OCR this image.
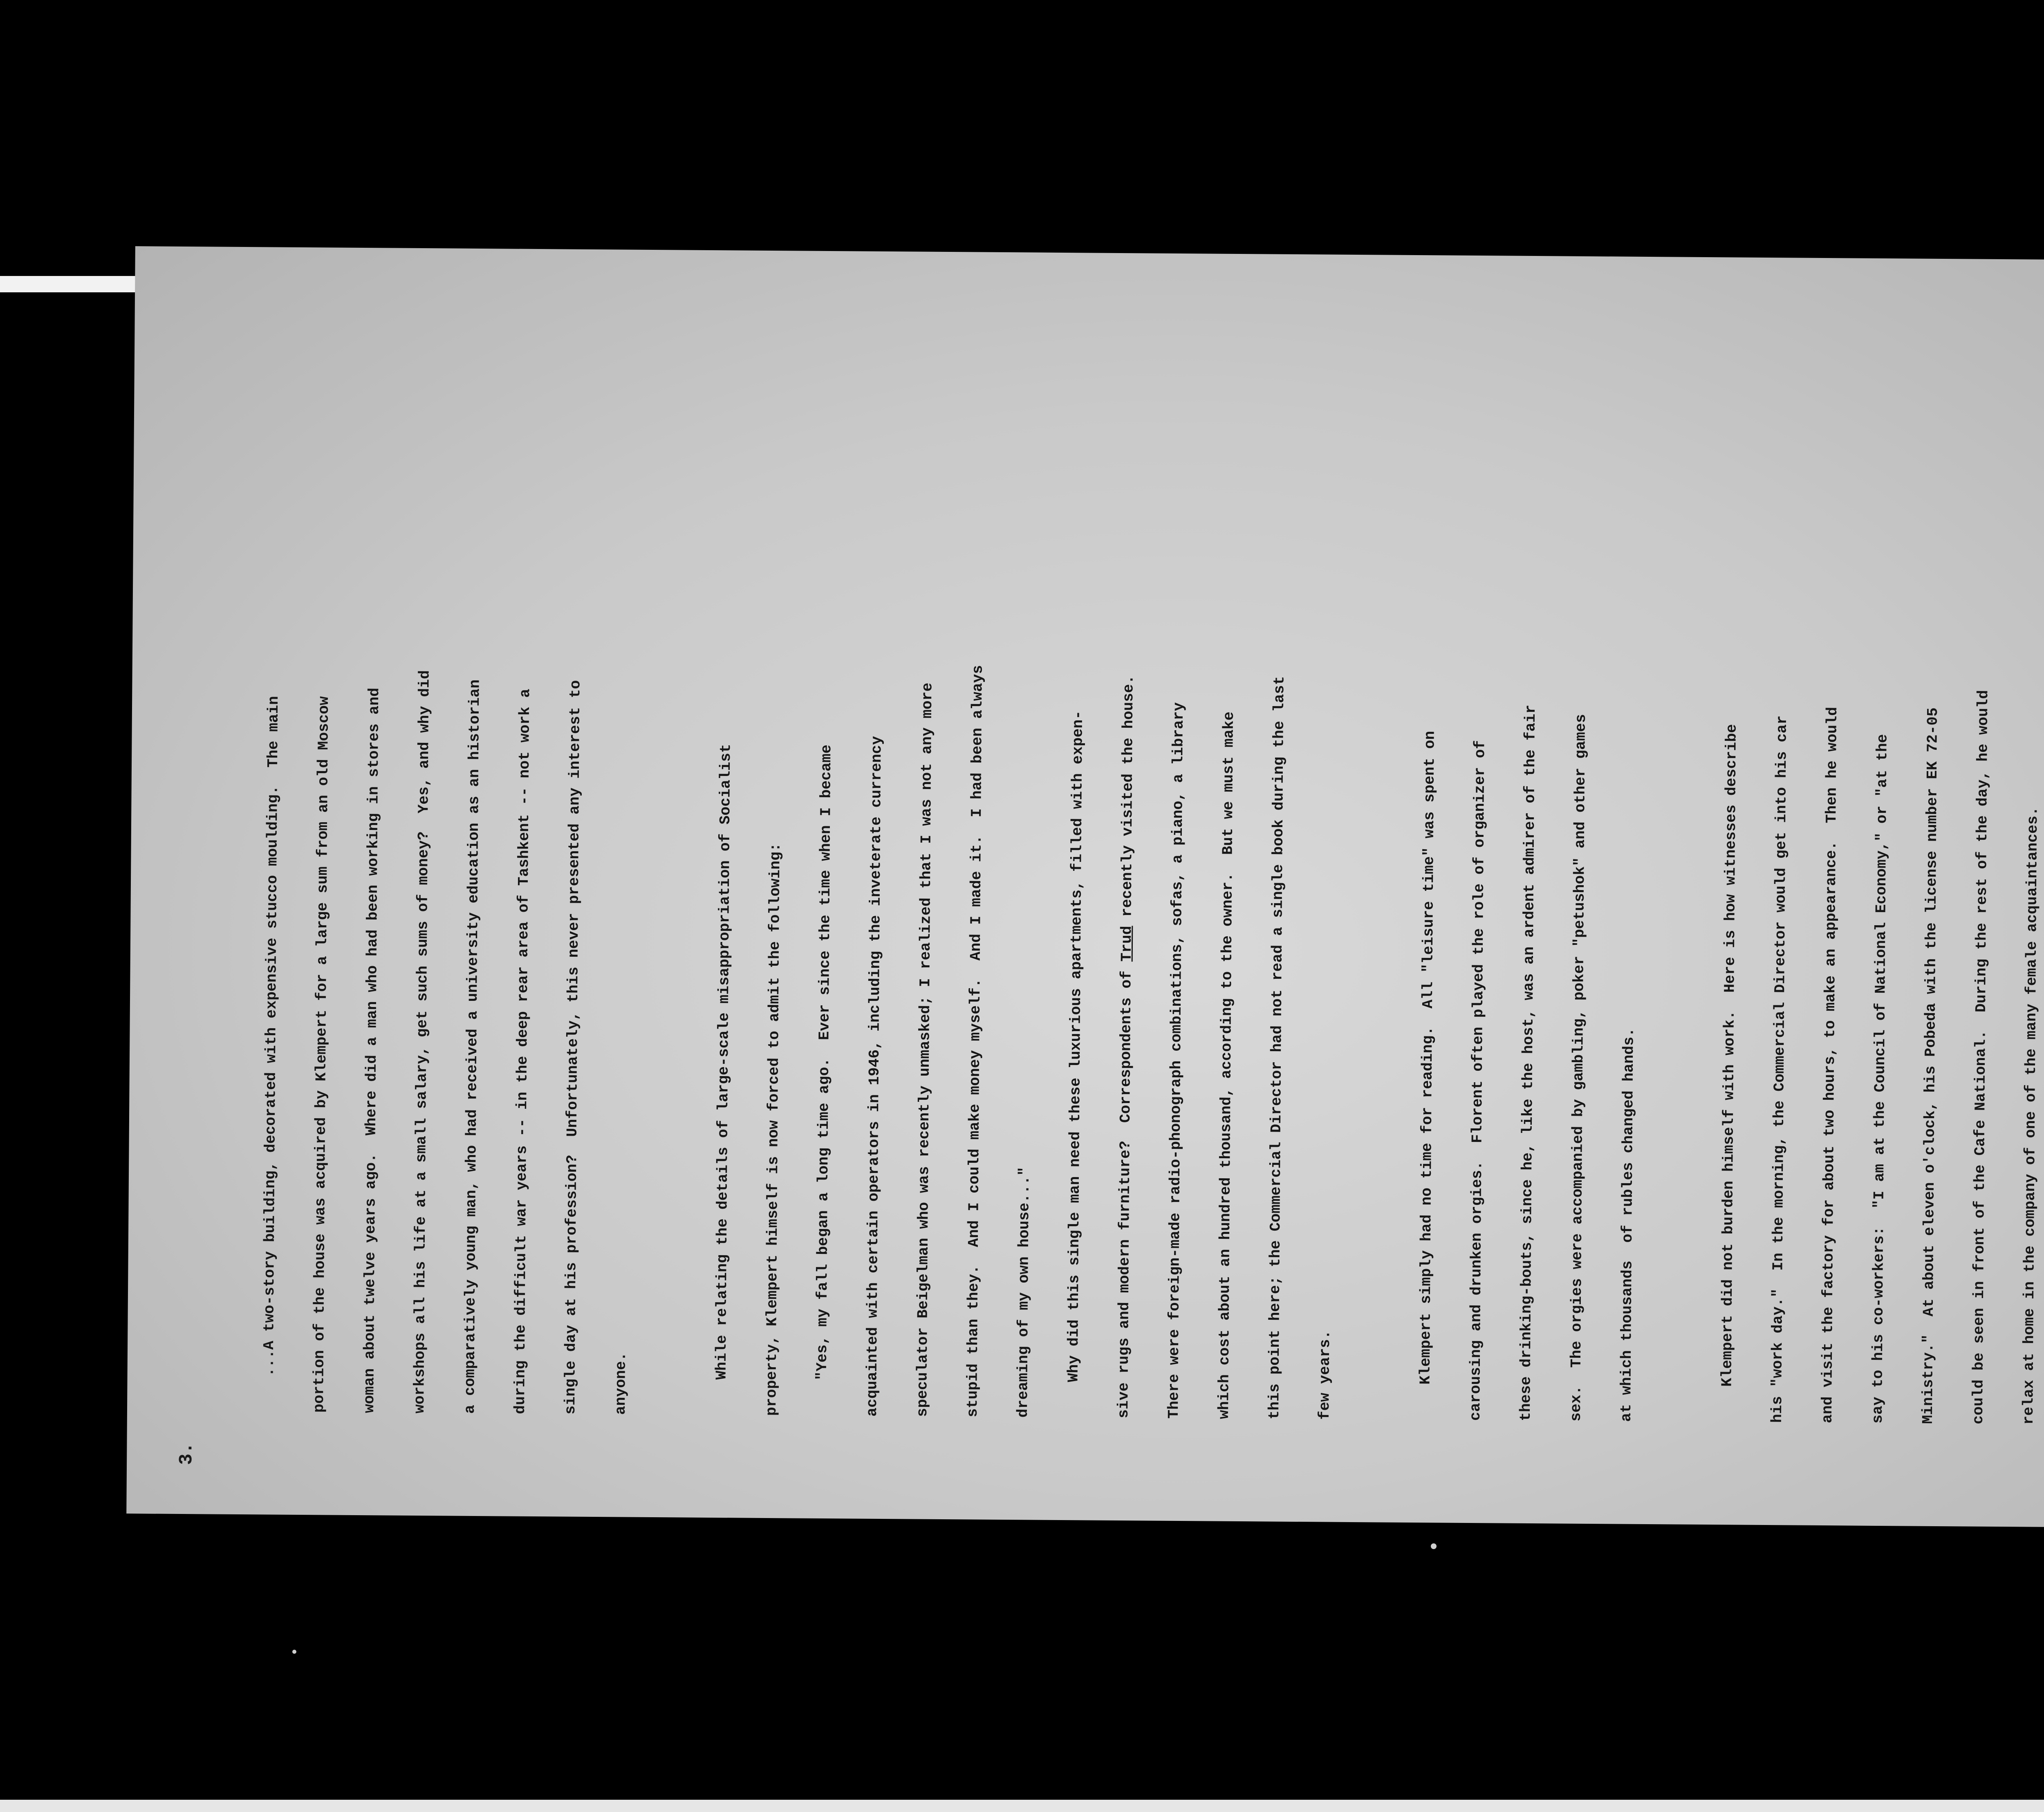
3.
...A two-story building, decorated with expensive stucco moulding.  The main	portion of the house was acquired by Klempert for a large sum from an old Moscow	woman about twelve years ago.  Where did a man who had been working in stores and	workshops all his life at a small salary, get such sums of money?  Yes, and why did	a comparatively young man, who had received a university education as an historian	during the difficult war years -- in the deep rear area of Tashkent -- not work a	single day at his profession?  Unfortunately, this never presented any interest to	anyone.	While relating the details of large-scale misappropriation of Socialist	property, Klempert himself is now forced to admit the following:	"Yes, my fall began a long time ago.  Ever since the time when I became	acquainted with certain operators in 1946, including the inveterate currency	speculator Beigelman who was recently unmasked; I realized that I was not any more	stupid than they.  And I could make money myself.  And I made it.  I had been always	dreaming of my own house..."	Why did this single man need these luxurious apartments, filled with expen-	sive rugs and modern furniture?  Correspondents of Trud recently visited the house.	There were foreign-made radio-phonograph combinations, sofas, a piano, a library	which cost about an hundred thousand, according to the owner.  But we must make	this point here; the Commercial Director had not read a single book during the last	few years.	Klempert simply had no time for reading.  All "leisure time" was spent on	carousing and drunken orgies.  Florent often played the role of organizer of	these drinking-bouts, since he, like the host, was an ardent admirer of the fair	sex.  The orgies were accompanied by gambling, poker "petushok" and other games	at which thousands  of rubles changed hands.	Klempert did not burden himself with work.  Here is how witnesses describe	his "work day."  In the morning, the Commercial Director would get into his car	and visit the factory for about two hours, to make an appearance.  Then he would	say to his co-workers:  "I am at the Council of National Economy," or "at the	Ministry."  At about eleven o'clock, his Pobeda with the license number EK 72-05	could be seen in front of the Cafe National.  During the rest of the day, he would	relax at home in the company of one of the many female acquaintances.
